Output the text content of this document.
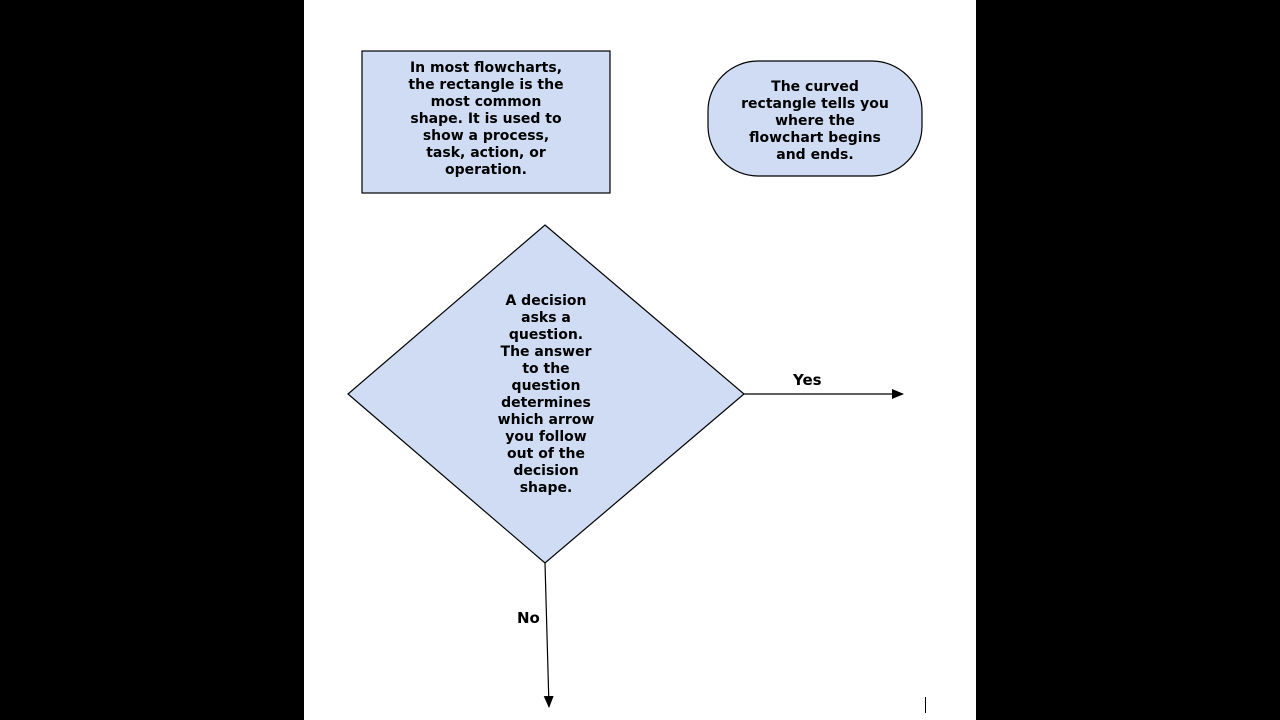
In most flowcharts,
the rectangle is the
most common
shape. It is used to
show a process,
task, action, or
operation.
The curved
rectangle tells you
where the
flowchart begins
and ends.
A decision
asks a
question.
The answer
to the
question
determines
which arrow
you follow
out of the
decision
shape.
Yes
No
